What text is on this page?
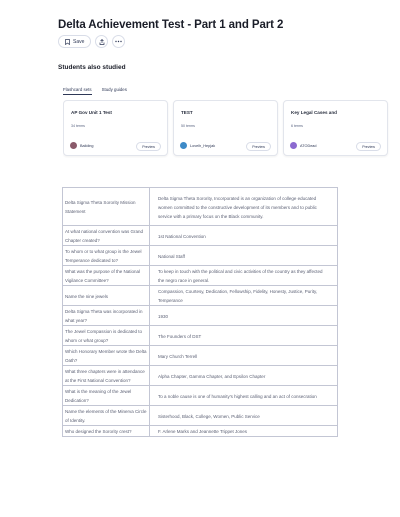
Delta Achievement Test - Part 1 and Part 2
Save
Students also studied
Flashcard sets Study guides
AP Gov Unit 1 Test
34 terms
Bailding	Preview
TEST
50 terms
Lovelh_Hepjak	Preview
Key Legal Cases and
6 terms
ATODead	Preview
Delta Sigma Theta Sorority Mission Statement	Delta Sigma Theta Sorority, Incorporated is an organization of college educated women committed to the constructive development of its members and to public service with a primary focus on the Black community.
At what national convention was Grand Chapter created?	1st National Convention
To whom or to what group is the Jewel Temperance dedicated to?	National Staff
What was the purpose of the National Vigilance Committee?	To keep in touch with the political and civic activities of the country as they affected the negro race in general.
Name the nine jewels	Compassion, Courtesy, Dedication, Fellowship, Fidelity, Honesty, Justice, Purity, Temperance
Delta Sigma Theta was incorporated in what year?	1930
The Jewel Compassion is dedicated to whom or what group?	The Founders of DST
Which Honorary Member wrote the Delta Oath?	Mary Church Terrell
What three chapters were in attendance at the First National Convention?	Alpha Chapter, Gamma Chapter, and Epsilon Chapter
What is the meaning of the Jewel Dedication?	To a noble cause is one of humanity's highest calling and an act of consecration
Name the elements of the Minerva Circle of Identity.	Sisterhood, Black, College, Women, Public Service
Who designed the Sorority crest?	F. Arlene Marks and Jeannette Trippet Jones
